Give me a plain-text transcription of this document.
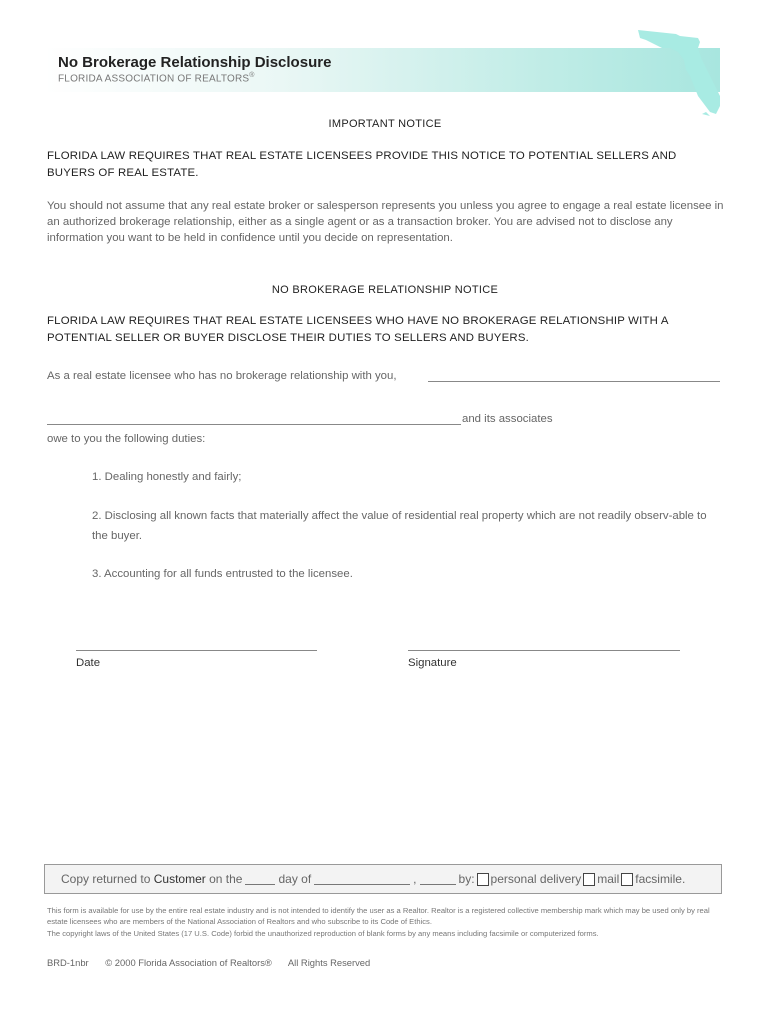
No Brokerage Relationship Disclosure
FLORIDA ASSOCIATION OF REALTORS®
IMPORTANT NOTICE
FLORIDA LAW REQUIRES THAT REAL ESTATE LICENSEES PROVIDE THIS NOTICE TO POTENTIAL SELLERS AND BUYERS OF REAL ESTATE.
You should not assume that any real estate broker or salesperson represents you unless you agree to engage a real estate licensee in an authorized brokerage relationship, either as a single agent or as a transaction broker. You are advised not to disclose any information you want to be held in confidence until you decide on representation.
NO BROKERAGE RELATIONSHIP NOTICE
FLORIDA LAW REQUIRES THAT REAL ESTATE LICENSEES WHO HAVE NO BROKERAGE RELATIONSHIP WITH A POTENTIAL SELLER OR BUYER DISCLOSE THEIR DUTIES TO SELLERS AND BUYERS.
As a real estate licensee who has no brokerage relationship with you,
and its associates
owe to you the following duties:
1. Dealing honestly and fairly;
2. Disclosing all known facts that materially affect the value of residential real property which are not readily observ-able to the buyer.
3. Accounting for all funds entrusted to the licensee.
Date	Signature
Copy returned to
Customer
on the	day of	,	by: personal delivery mail facsimile.
This form is available for use by the entire real estate industry and is not intended to identify the user as a Realtor. Realtor is a registered collective membership mark which may be used only by real estate licensees who are members of the National Association of Realtors and who subscribe to its Code of Ethics.
The copyright laws of the United States (17 U.S. Code) forbid the unauthorized reproduction of blank forms by any means including facsimile or computerized forms.
BRD-1nbr © 2000 Florida Association of Realtors® All Rights Reserved
